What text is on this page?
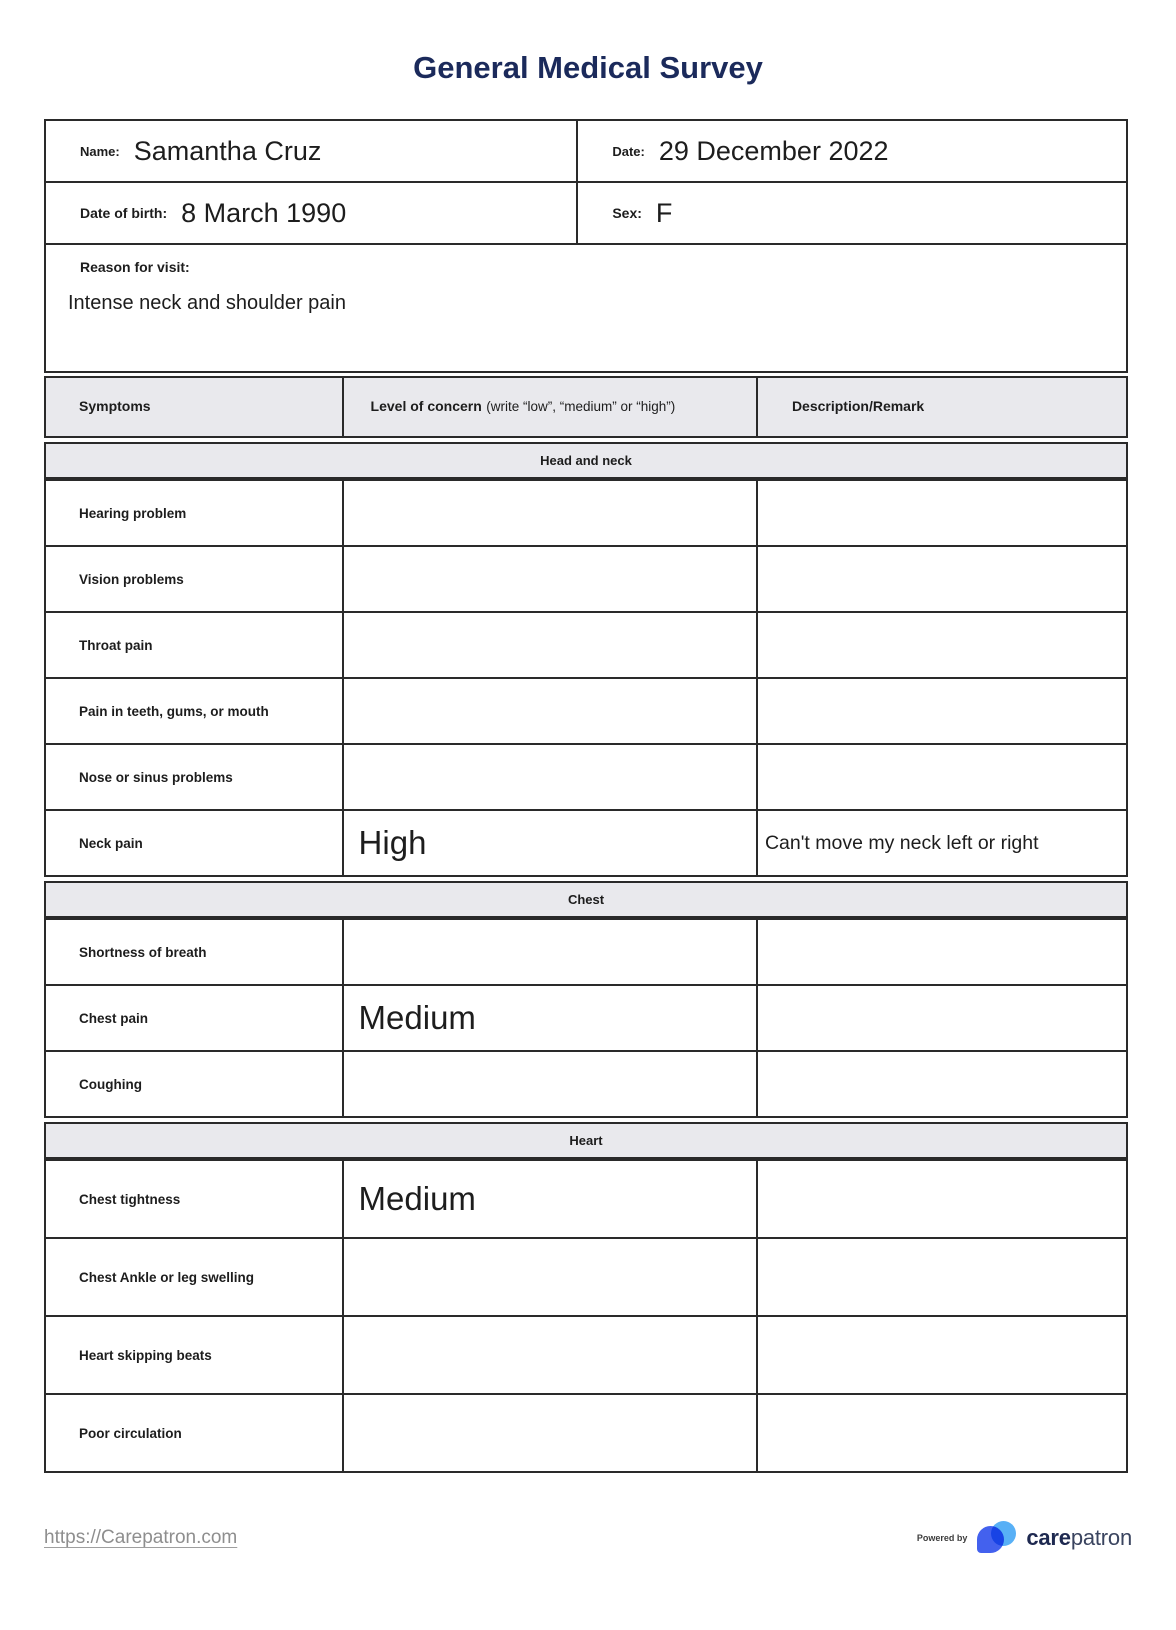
General Medical Survey
Name: Samantha Cruz	Date: 29 December 2022

Date of birth: 8 March 1990	Sex: F

Reason for visit:
Intense neck and shoulder pain	
Symptoms	Level of concern (write “low”, “medium” or “high”)	Description/Remark
Head and neck
Hearing problem		
Vision problems		
Throat pain		
Pain in teeth, gums, or mouth		
Nose or sinus problems		
Neck pain	High	Can't move my neck left or right
Chest
Shortness of breath		
Chest pain	Medium	
Coughing		
Heart
Chest tightness	Medium	
Chest Ankle or leg swelling		
Heart skipping beats		
Poor circulation		
https://Carepatron.com	Powered by	carepatron
